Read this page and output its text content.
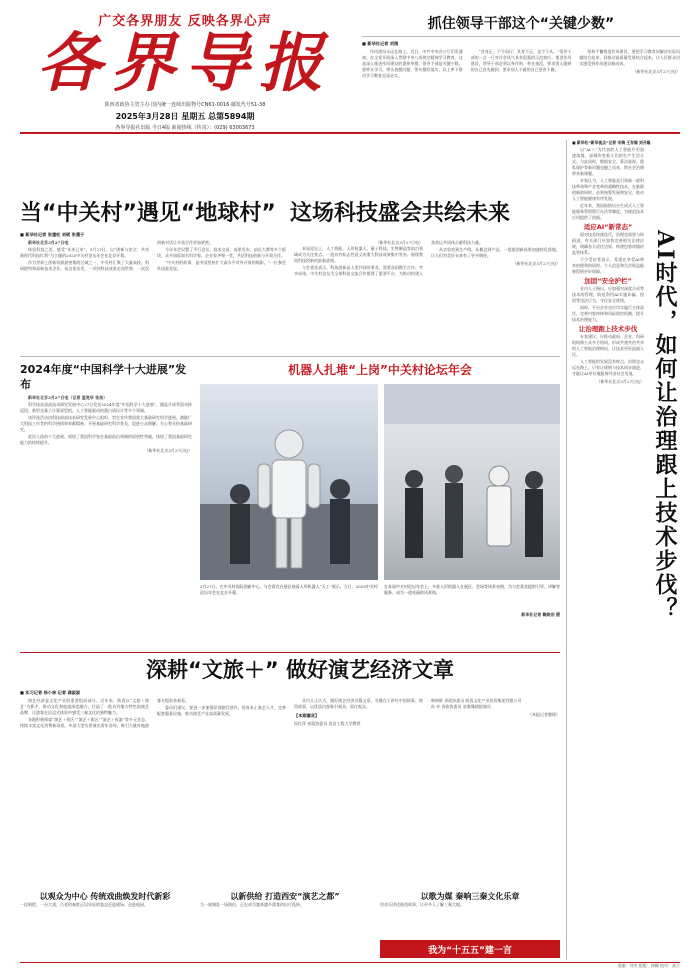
广交各界朋友 反映各界心声
各界导报
陕西省政协主管主办 国内统一连续出版物号CN61-0016 邮发代号51-38
2025年3月28日 星期五 总第5894期
各界导报社出版 今日4版 新闻热线（传真）：(029) 63003673
抓住领导干部这个“关键少数”
■ 新华社记者 刘翔

作风建设永远在路上。近日，中共中央办公厅印发通知，在全党开展深入贯彻中央八项规定精神学习教育，这是深入推进作风建设的重要举措。领导干部是关键少数，要带头学习、带头查摆问题、带头整改落实，以上率下推动学习教育走深走实。

“其身正，不令而行；其身不正，虽令不从。”领导干部的一言一行对社会风气具有很强的示范效应。推进作风建设，领导干部必须以身作则、率先垂范，要求别人做到的自己首先做到，要求别人不做的自己坚决不做。

坚持不懈推进作风建设，要把学习教育同解决实际问题结合起来，同推动高质量发展结合起来，让人民群众切实感受到作风建设新成效。

（新华社北京3月27日电）
当“中关村”遇见“地球村” 这场科技盛会共绘未来
■ 新华社记者 张建松 刘硕 张漫子

新华社北京3月27日电

体验科技之美，感受“未来已来”。3月27日，以“创新与安全：共享新时代科技红利”为主题的2025中关村论坛年会在北京开幕。

作为世界上创新资源最密集的区域之一，中关村汇聚了大量高校、科研院所和高新技术企业。从这里出发，一项项科技成果走向世界，一次次创新对话让开放合作更加紧密。

今年年会设置了平行论坛、技术交易、成果发布、前沿大赛等多个板块，众多国际知名科学家、企业家齐聚一堂，共话科技创新与开放合作。

“中关村的故事，是中国坚持扩大高水平对外开放的缩影。”一位参会外国嘉宾说。

（新华社北京3月27日电）

本届论坛上，人工智能、人形机器人、量子科技、生物制造等前沿领域成为关注焦点。一批具有标志性意义的重大科技成果集中发布，展现我国科技创新的最新进展。

与会嘉宾表示，科技创新是人类共同的事业，需要各国携手合作、共享成果。中关村论坛为全球科技交流合作搭建了重要平台，为推动构建人类命运共同体贡献科技力量。

从实验室到生产线，从概念到产品，一批批创新成果加速转化落地，让人们对美好未来有了更多期待。

（新华社北京3月27日电）
2024年度“中国科学十大进展”发布

新华社北京3月27日电（记者 温竞华 张泉）

科学技术部高技术研究发展中心27日发布2024年度“中国科学十大进展”，涵盖月球背面采样返回、新型光量子计算原型机、人工智能驱动的蛋白质设计等多个领域。

该评选活动由科技部高技术研究发展中心组织，旨在宣传我国重大基础研究科学进展，激励广大科技工作者的科学热情和奉献精神，开展基础研究科学普及，促进公众理解、关心和支持基础研究。

此次入选的十大进展，展现了我国科学家在基础前沿领域的原创性突破，体现了我国基础研究能力的持续提升。

（新华社北京3月27日电）
机器人扎堆“上岗”中关村论坛年会
3月27日，在中关村国际创新中心，与会嘉宾在展区观看人形机器人“天工”展示。当日，2025中关村论坛年会在北京开幕。
在本届中关村论坛年会上，多款人形机器人在展区、会场等场景亮相，为与会嘉宾提供引导、讲解等服务，成为一道亮丽的风景线。
新华社记者 鞠焕宗 摄
深耕“文旅＋” 做好演艺经济文章
■ 实习记者 杨小林 记者 龚淑淑

演艺经济是文化产业的重要组成部分。近年来，陕西以“文旅＋演艺”为抓手，推动文化和旅游深度融合，打造了一批具有地方特色的演艺品牌，让游客在沉浸式体验中感受三秦文化的独特魅力。

各地积极探索“演艺＋景区”“演艺＋街区”“演艺＋夜游”等多元业态，持续丰富文化消费新场景。多部大型实景演出常年驻场，吸引大量外地游客专程前来观看。

委员们建议，要进一步加强原创剧目创作，培育本土演艺人才，完善配套服务设施，推动演艺产业高质量发展。

业内人士认为，做好演艺经济这篇文章，关键在于讲好中国故事、陕西故事，以优质内容吸引观众、留住观众。

【本期嘉宾】
侯红萍 省政协委员 西安工程大学教授
韩海辉 省政协委员 陕西文化产业投资集团有限公司
孙 亦 省政协委员 省歌舞剧院演员
（本报记者整理）
以观众为中心 传统戏曲焕发时代新彩
一段唱腔、一台大戏，古老的秦腔正以年轻的姿态走进剧场、走进校园。
以新供给 打造西安“演艺之都”
为一座城赴一场演出，正在成为越来越多游客的出行选择。
以歌为媒 秦响三秦文化乐章
用音乐讲述陕西故事，让更多人了解三秦大地。
我为“十五五”建一言
■ 新华社“新华视点”记者 宋瑞 王存福 刘开雄

以“AI＋”为代表的人工智能应用加速落地，深刻改变着人们的生产生活方式。与此同时，数据安全、算法歧视、隐私保护等新问题也随之而来，给社会治理带来新课题。

专家认为，人工智能是引领新一轮科技革命和产业变革的战略性技术，在鼓励创新的同时，必须统筹发展和安全，推动人工智能健康有序发展。

近年来，我国陆续出台生成式人工智能服务管理暂行办法等制度，为规范技术应用提供了依据。

适应AI“新常态”

面对技术快速迭代，治理也需要与时俱进。有关部门应加快完善相关法律法规，明确各方责任边界，构建包容审慎的监管体系。

不少受访者表示，希望在享受AI带来的便利的同时，个人信息和合法权益能够得到更好保障。

加固“安全护栏”

业内人士指出，应加强对深度合成等技术的管理，防范利用AI实施诈骗、侵权等违法行为，守住安全底线。

同时，平台企业也应切实履行主体责任，完善内容审核和风险防控机制，提升技术治理能力。

让治理跑上技术步伐

专家建议，应推动政府、企业、科研机构和公众多方协同，形成共建共治共享的人工智能治理格局，让技术更好造福人民。

人工智能的发展没有终点，治理也永远在路上。只有让规则与技术同步演进，才能让AI更好地服务经济社会发展。

（新华社北京3月27日电） AI时代，如何让治理跟上技术步伐？
责编：刘杰 组版：郭卿 校对：高立
